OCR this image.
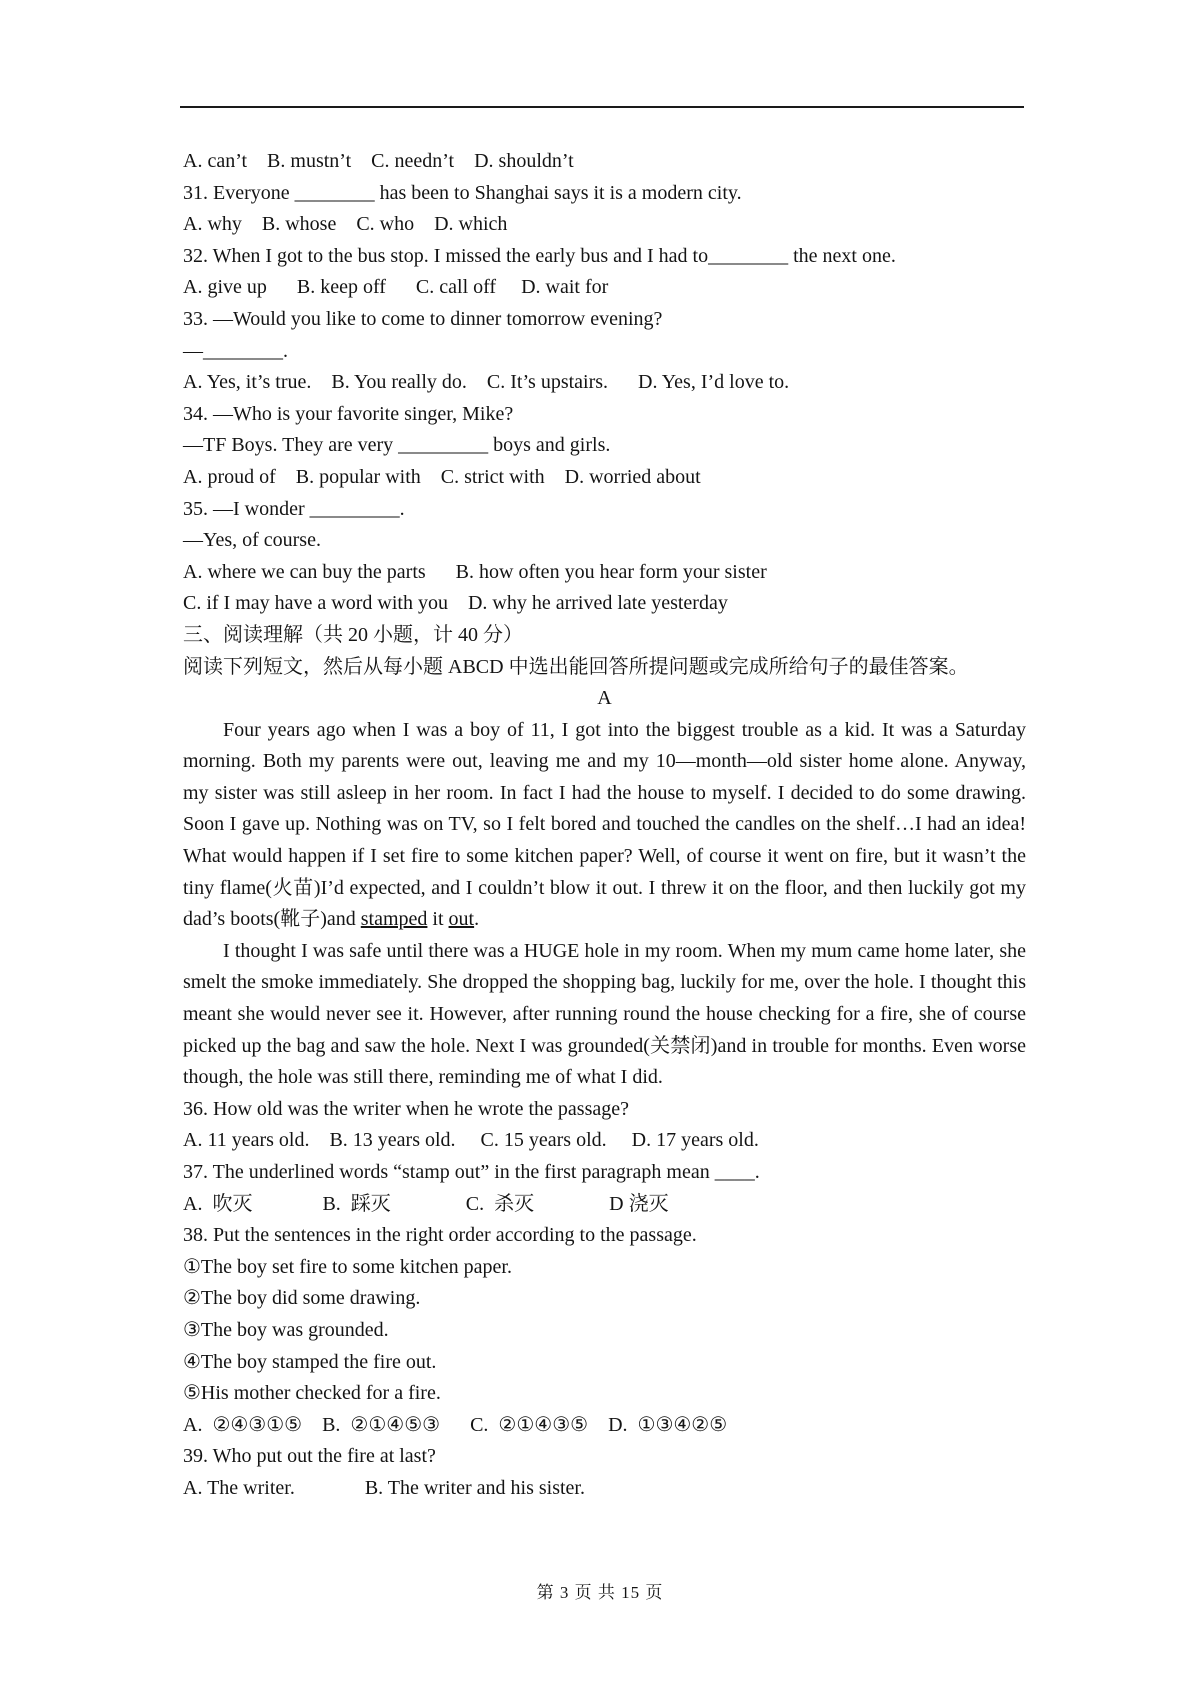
A. can’t    B. mustn’t    C. needn’t    D. shouldn’t
31. Everyone ________ has been to Shanghai says it is a modern city.
A. why    B. whose    C. who    D. which
32. When I got to the bus stop. I missed the early bus and I had to________ the next one.
A. give up      B. keep off      C. call off     D. wait for
33. —Would you like to come to dinner tomorrow evening?
—________.
A. Yes, it’s true.    B. You really do.    C. It’s upstairs.      D. Yes, I’d love to.
34. —Who is your favorite singer, Mike?
—TF Boys. They are very _________ boys and girls.
A. proud of    B. popular with    C. strict with    D. worried about
35. —I wonder _________.
—Yes, of course.
A. where we can buy the parts      B. how often you hear form your sister
C. if I may have a word with you    D. why he arrived late yesterday
三、阅读理解（共 20 小题，计 40 分）
阅读下列短文，然后从每小题 ABCD 中选出能回答所提问题或完成所给句子的最佳答案。
A

Four years ago when I was a boy of 11, I got into the biggest trouble as a kid. It was a Saturday morning. Both my parents were out, leaving me and my 10—month—old sister home alone. Anyway, my sister was still asleep in her room. In fact I had the house to myself. I decided to do some drawing. Soon I gave up. Nothing was on TV, so I felt bored and touched the candles on the shelf…I had an idea! What would happen if I set fire to some kitchen paper? Well, of course it went on fire, but it wasn’t the tiny flame(火苗)I’d expected, and I couldn’t blow it out. I threw it on the floor, and then luckily got my dad’s boots(靴子)and stamped it out.

I thought I was safe until there was a HUGE hole in my room. When my mum came home later, she smelt the smoke immediately. She dropped the shopping bag, luckily for me, over the hole. I thought this meant she would never see it. However, after running round the house checking for a fire, she of course picked up the bag and saw the hole. Next I was grounded(关禁闭)and in trouble for months. Even worse though, the hole was still there, reminding me of what I did.

36. How old was the writer when he wrote the passage?
A. 11 years old.    B. 13 years old.     C. 15 years old.     D. 17 years old.
37. The underlined words “stamp out” in the first paragraph mean ____.
A.  吹灭              B.  踩灭               C.  杀灭               D 浇灭
38. Put the sentences in the right order according to the passage.
①The boy set fire to some kitchen paper.
②The boy did some drawing.
③The boy was grounded.
④The boy stamped the fire out.
⑤His mother checked for a fire.
A.  ②④③①⑤    B.  ②①④⑤③      C.  ②①④③⑤    D.  ①③④②⑤
39. Who put out the fire at last?
A. The writer.              B. The writer and his sister.
第 3 页 共 15 页
